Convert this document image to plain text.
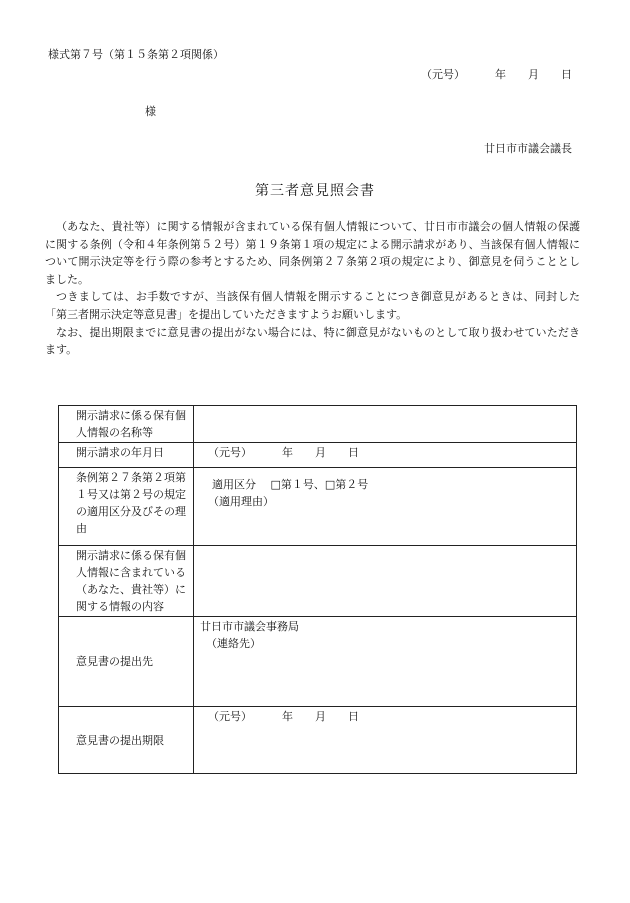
様式第７号（第１５条第２項関係）
（元号）	年 月 日
様
廿日市市議会議長
第三者意見照会書

（あなた、貴社等）に関する情報が含まれている保有個人情報について、廿日市市議会の個人情報の保護に関する条例（令和４年条例第５２号）第１９条第１項の規定による開示請求があり、当該保有個人情報について開示決定等を行う際の参考とするため、同条例第２７条第２項の規定により、御意見を伺うこととしました。

つきましては、お手数ですが、当該保有個人情報を開示することにつき御意見があるときは、同封した「第三者開示決定等意見書」を提出していただきますようお願いします。

なお、提出期限までに意見書の提出がない場合には、特に御意見がないものとして取り扱わせていただきます。

開示請求に係る保有個人情報の名称等	
開示請求の年月日	（元号） 年 月 日
条例第２７条第２項第１号又は第２号の規定の適用区分及びその理由	適用区分　 □第１号、□第２号
（適用理由）

開示請求に係る保有個人情報に含まれている（あなた、貴社等）に関する情報の内容	
意見書の提出先	廿日市市議会事務局
（連絡先）

意見書の提出期限	（元号） 年 月 日
